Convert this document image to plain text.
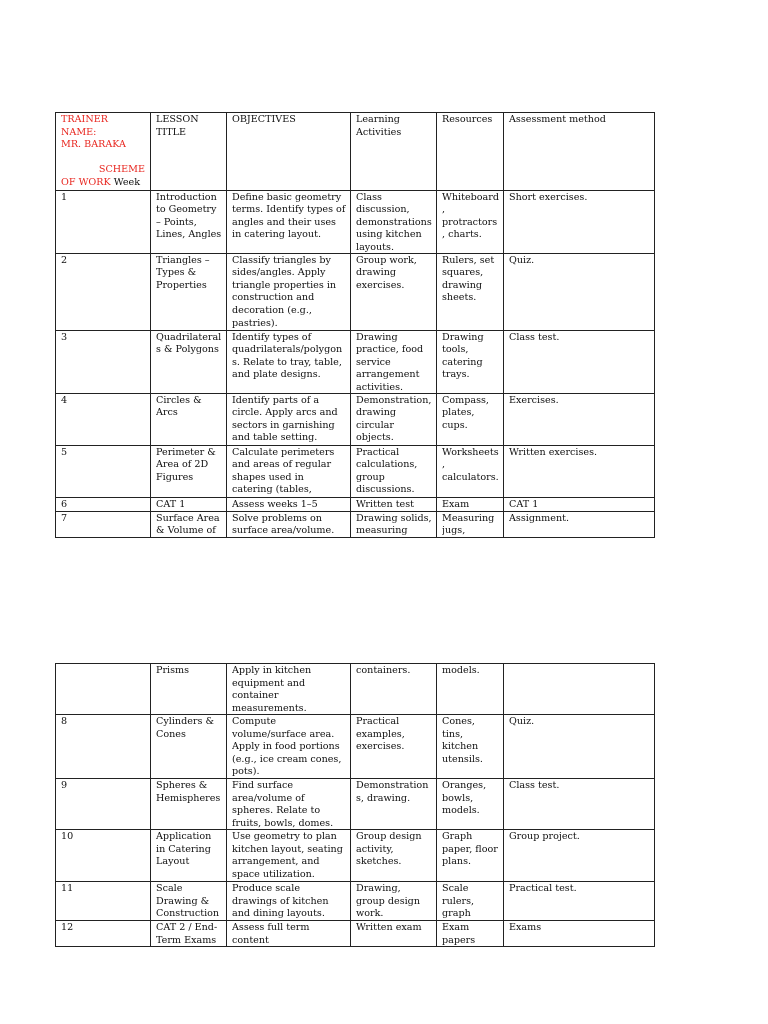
TRAINER NAME:
MR. BARAKA

SCHEME
OF WORK Week	LESSON TITLE	OBJECTIVES	Learning Activities	Resources	Assessment method

1	Introduction to Geometry – Points, Lines, Angles	Define basic geometry terms. Identify types of angles and their uses in catering layout.	Class discussion, demonstrations using kitchen layouts.	Whiteboard, protractors, charts.	Short exercises.

2	Triangles – Types & Properties	Classify triangles by sides/angles. Apply triangle properties in construction and decoration (e.g., pastries).	Group work, drawing exercises.	Rulers, set squares, drawing sheets.	Quiz.

3	Quadrilaterals & Polygons	Identify types of quadrilaterals/polygons. Relate to tray, table, and plate designs.	Drawing practice, food service arrangement activities.	Drawing tools, catering trays.	Class test.

4	Circles & Arcs	Identify parts of a circle. Apply arcs and sectors in garnishing and table setting.	Demonstration, drawing circular objects.	Compass, plates, cups.	Exercises.

5	Perimeter & Area of 2D Figures	Calculate perimeters and areas of regular shapes used in catering (tables,	Practical calculations, group discussions.	Worksheets , calculators.	Written exercises.

6	CAT 1	Assess weeks 1–5	Written test	Exam	CAT 1

7	Surface Area & Volume of	Solve problems on surface area/volume.	Drawing solids, measuring	Measuring jugs,	Assignment.

	Prisms	Apply in kitchen equipment and container measurements.	containers.	models.	

8	Cylinders & Cones	Compute volume/surface area. Apply in food portions (e.g., ice cream cones, pots).	Practical examples, exercises.	Cones, tins, kitchen utensils.	Quiz.

9	Spheres & Hemispheres	Find surface area/volume of spheres. Relate to fruits, bowls, domes.	Demonstrations, drawing.	Oranges, bowls, models.	Class test.

10	Application in Catering Layout	Use geometry to plan kitchen layout, seating arrangement, and space utilization.	Group design activity, sketches.	Graph paper, floor plans.	Group project.

11	Scale Drawing & Construction	Produce scale drawings of kitchen and dining layouts.	Drawing, group design work.	Scale rulers, graph	Practical test.

12	CAT 2 / End-Term Exams	Assess full term content	Written exam	Exam papers	Exams
